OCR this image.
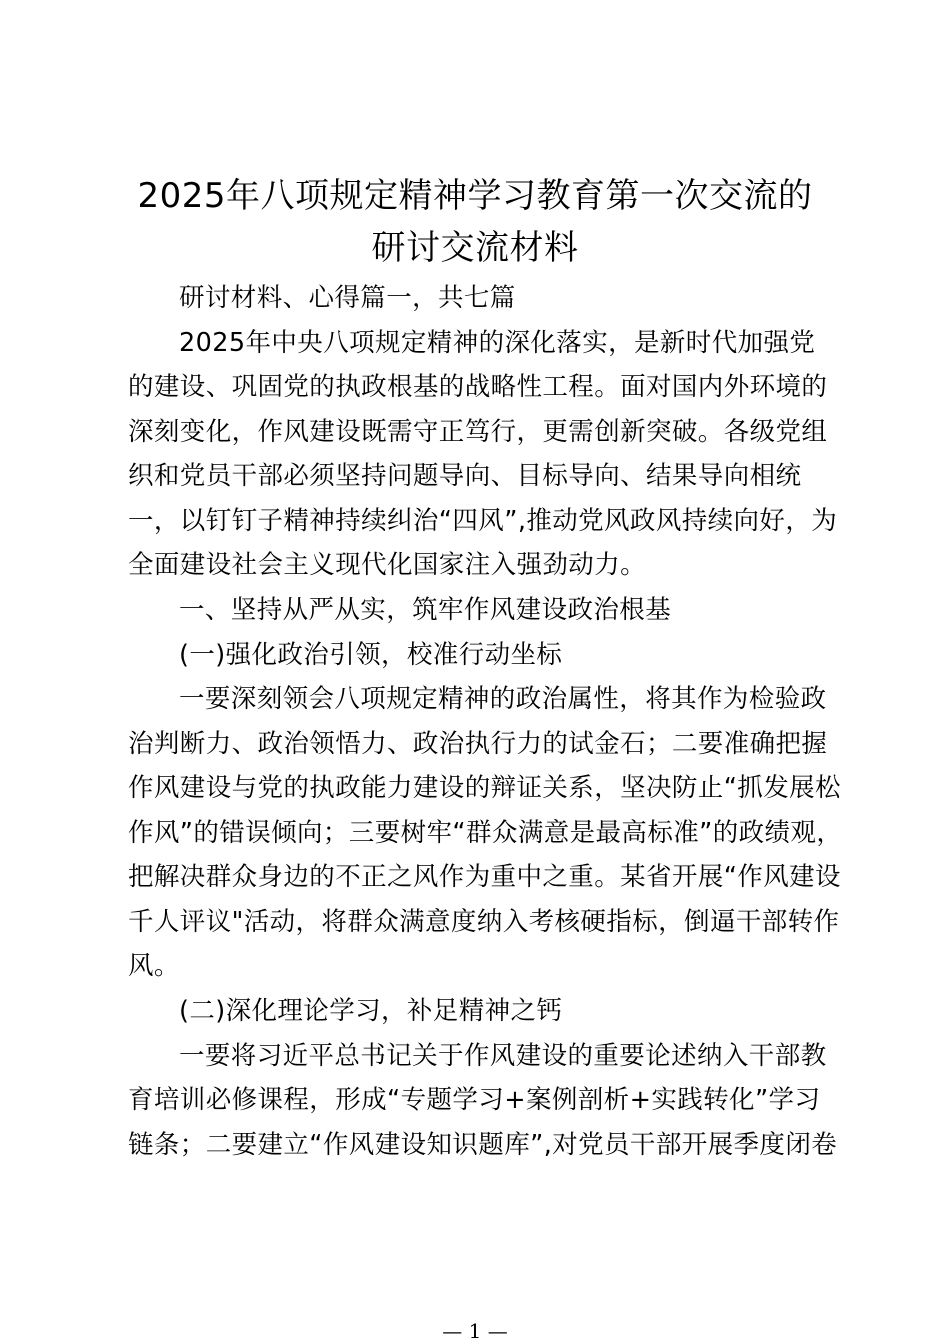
2025年八项规定精神学习教育第一次交流的
研讨交流材料
研讨材料、心得篇一，共七篇
2025年中央八项规定精神的深化落实，是新时代加强党
的建设、巩固党的执政根基的战略性工程。面对国内外环境的
深刻变化，作风建设既需守正笃行，更需创新突破。各级党组
织和党员干部必须坚持问题导向、目标导向、结果导向相统
一，以钉钉子精神持续纠治“四风”,推动党风政风持续向好，为
全面建设社会主义现代化国家注入强劲动力。
一、坚持从严从实，筑牢作风建设政治根基
(一)强化政治引领，校准行动坐标
一要深刻领会八项规定精神的政治属性，将其作为检验政
治判断力、政治领悟力、政治执行力的试金石；二要准确把握
作风建设与党的执政能力建设的辩证关系，坚决防止“抓发展松
作风”的错误倾向；三要树牢“群众满意是最高标准”的政绩观，
把解决群众身边的不正之风作为重中之重。某省开展“作风建设
千人评议"活动，将群众满意度纳入考核硬指标，倒逼干部转作
风。
(二)深化理论学习，补足精神之钙
一要将习近平总书记关于作风建设的重要论述纳入干部教
育培训必修课程，形成“专题学习+案例剖析+实践转化”学习
链条；二要建立“作风建设知识题库”,对党员干部开展季度闭卷
— 1 —
